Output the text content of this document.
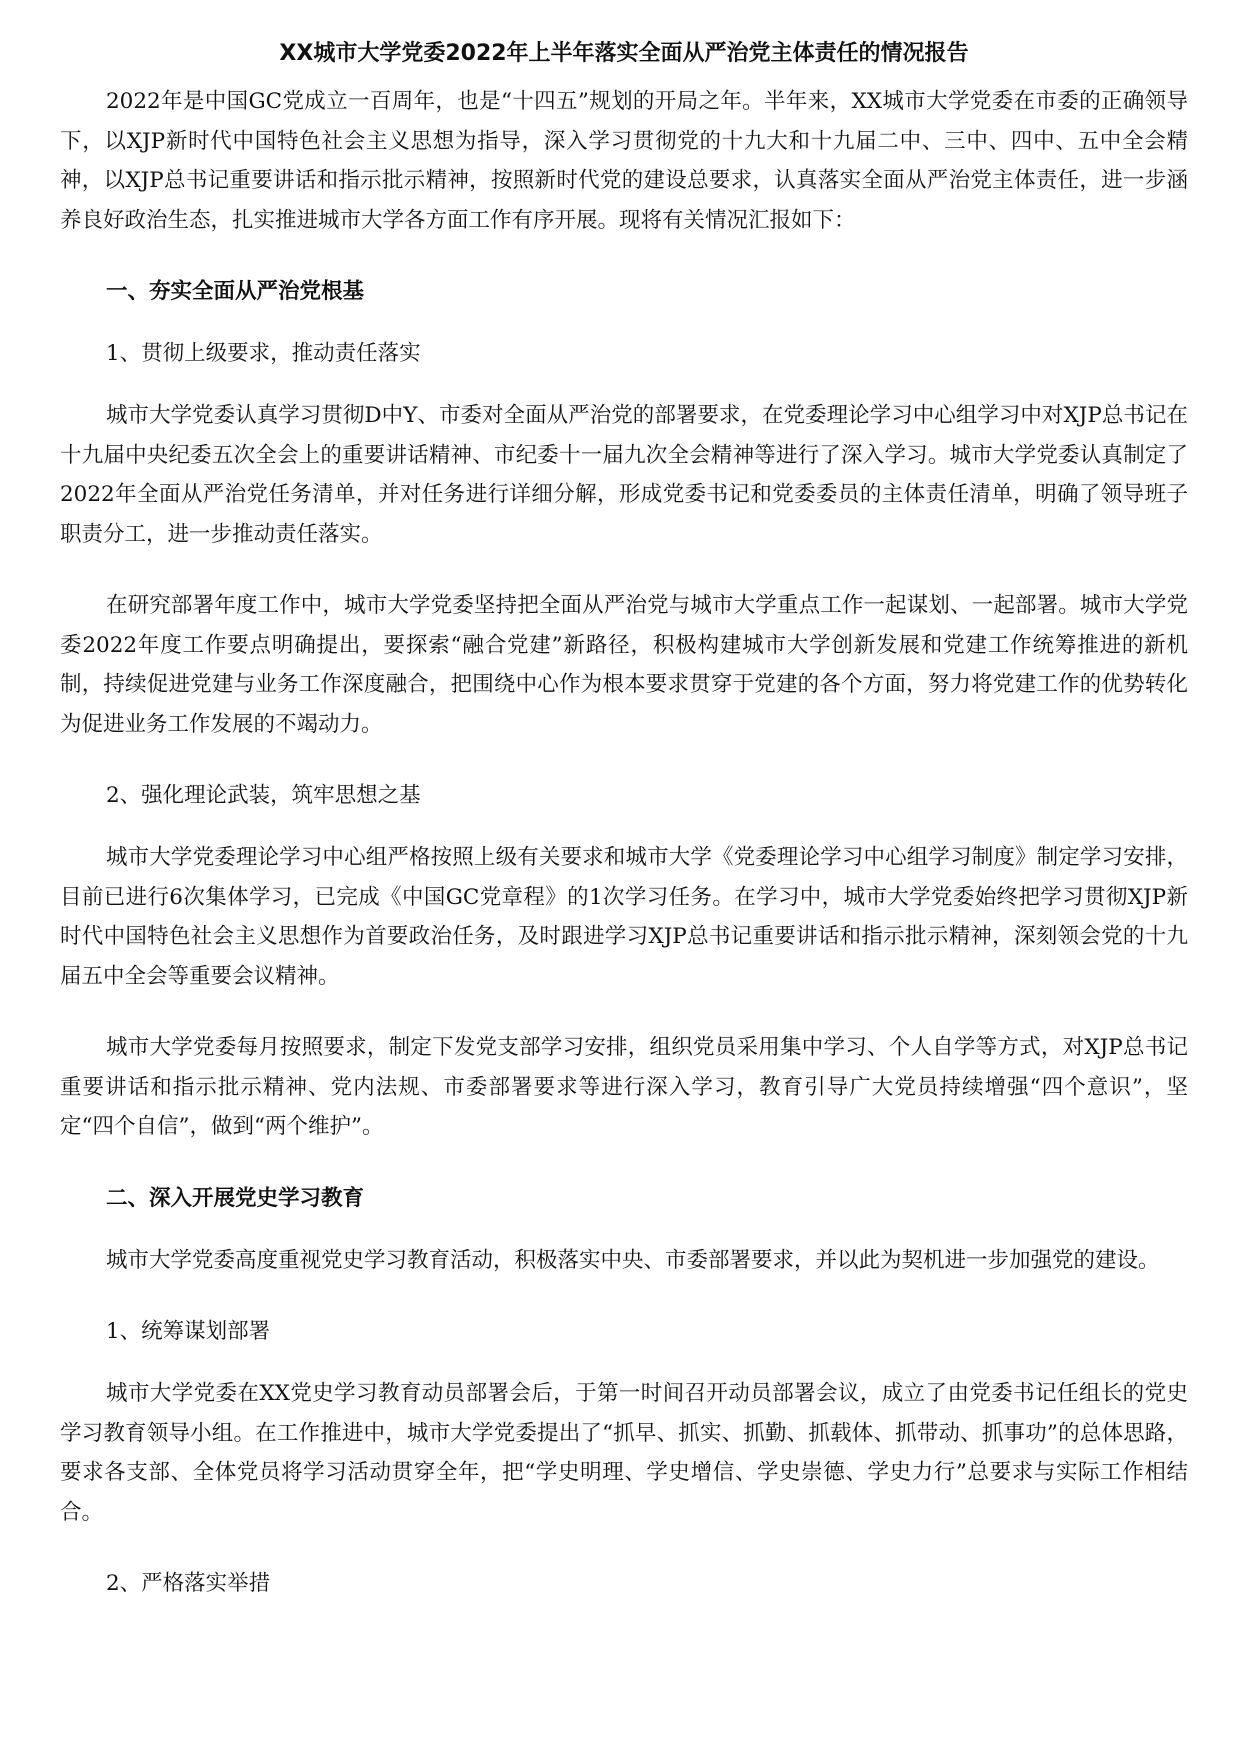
XX城市大学党委2022年上半年落实全面从严治党主体责任的情况报告

2022年是中国GC党成立一百周年，也是“十四五”规划的开局之年。半年来，XX城市大学党委在市委的正确领导下，以XJP新时代中国特色社会主义思想为指导，深入学习贯彻党的十九大和十九届二中、三中、四中、五中全会精神，以XJP总书记重要讲话和指示批示精神，按照新时代党的建设总要求，认真落实全面从严治党主体责任，进一步涵养良好政治生态，扎实推进城市大学各方面工作有序开展。现将有关情况汇报如下：

一、夯实全面从严治党根基
1、贯彻上级要求，推动责任落实

城市大学党委认真学习贯彻D中Y、市委对全面从严治党的部署要求，在党委理论学习中心组学习中对XJP总书记在十九届中央纪委五次全会上的重要讲话精神、市纪委十一届九次全会精神等进行了深入学习。城市大学党委认真制定了2022年全面从严治党任务清单，并对任务进行详细分解，形成党委书记和党委委员的主体责任清单，明确了领导班子职责分工，进一步推动责任落实。

在研究部署年度工作中，城市大学党委坚持把全面从严治党与城市大学重点工作一起谋划、一起部署。城市大学党委2022年度工作要点明确提出，要探索“融合党建”新路径，积极构建城市大学创新发展和党建工作统筹推进的新机制，持续促进党建与业务工作深度融合，把围绕中心作为根本要求贯穿于党建的各个方面，努力将党建工作的优势转化为促进业务工作发展的不竭动力。

2、强化理论武装，筑牢思想之基

城市大学党委理论学习中心组严格按照上级有关要求和城市大学《党委理论学习中心组学习制度》制定学习安排，目前已进行6次集体学习，已完成《中国GC党章程》的1次学习任务。在学习中，城市大学党委始终把学习贯彻XJP新时代中国特色社会主义思想作为首要政治任务，及时跟进学习XJP总书记重要讲话和指示批示精神，深刻领会党的十九届五中全会等重要会议精神。

城市大学党委每月按照要求，制定下发党支部学习安排，组织党员采用集中学习、个人自学等方式，对XJP总书记重要讲话和指示批示精神、党内法规、市委部署要求等进行深入学习，教育引导广大党员持续增强“四个意识”，坚定“四个自信”，做到“两个维护”。

二、深入开展党史学习教育

城市大学党委高度重视党史学习教育活动，积极落实中央、市委部署要求，并以此为契机进一步加强党的建设。

1、统筹谋划部署

城市大学党委在XX党史学习教育动员部署会后，于第一时间召开动员部署会议，成立了由党委书记任组长的党史学习教育领导小组。在工作推进中，城市大学党委提出了“抓早、抓实、抓勤、抓载体、抓带动、抓事功”的总体思路，要求各支部、全体党员将学习活动贯穿全年，把“学史明理、学史增信、学史崇德、学史力行”总要求与实际工作相结合。

2、严格落实举措
